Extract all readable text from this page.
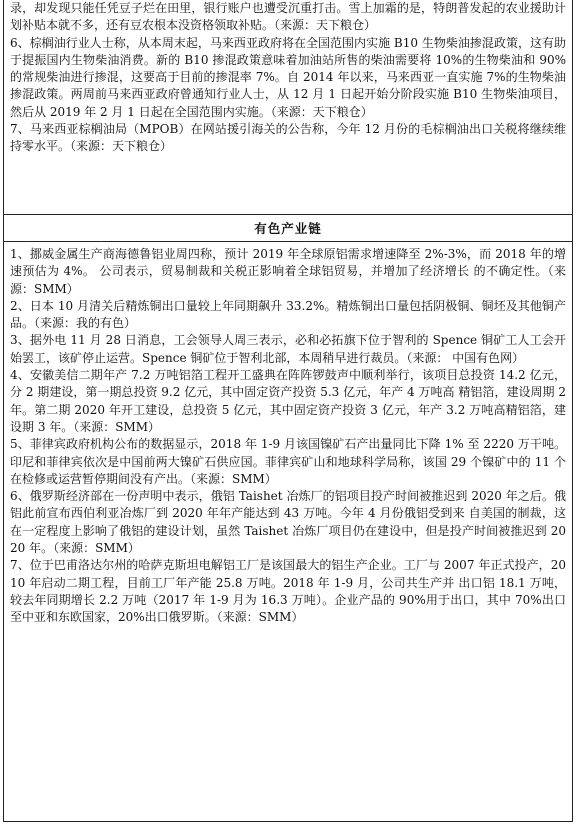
录，却发现只能任凭豆子烂在田里，银行账户也遭受沉重打击。雪上加霜的是，特朗普发起的农业援助计划补贴本就不多，还有豆农根本没资格领取补贴。（来源：天下粮仓）

6、棕榈油行业人士称，从本周末起，马来西亚政府将在全国范围内实施 B10 生物柴油掺混政策，这有助于提振国内生物柴油消费。新的 B10 掺混政策意味着加油站所售的柴油需要将 10%的生物柴油和 90%的常规柴油进行掺混，这要高于目前的掺混率 7%。自 2014 年以来，马来西亚一直实施 7%的生物柴油掺混政策。两周前马来西亚政府曾通知行业人士，从 12 月 1 日起开始分阶段实施 B10 生物柴油项目，然后从 2019 年 2 月 1 日起在全国范围内实施。（来源：天下粮仓）

7、马来西亚棕榈油局（MPOB）在网站援引海关的公告称，今年 12 月份的毛棕榈油出口关税将继续维持零水平。（来源：天下粮仓）

有色产业链

1、挪威金属生产商海德鲁铝业周四称，预计 2019 年全球原铝需求增速降至 2%-3%，而 2018 年的增速预估为 4%。 公司表示，贸易制裁和关税正影响着全球铝贸易，并增加了经济增长 的不确定性。（来源：SMM）

2、日本 10 月清关后精炼铜出口量较上年同期飙升 33.2%。精炼铜出口量包括阴极铜、铜坯及其他铜产品。（来源：我的有色）

3、据外电 11 月 28 日消息，工会领导人周三表示，必和必拓旗下位于智利的 Spence 铜矿工人工会开始罢工，该矿停止运营。Spence 铜矿位于智利北部，本周稍早进行裁员。（来源： 中国有色网）

4、安徽美信二期年产 7.2 万吨铝箔工程开工盛典在阵阵锣鼓声中顺利举行，该项目总投资 14.2 亿元，分 2 期建设，第一期总投资 9.2 亿元，其中固定资产投资 5.3 亿元，年产 4 万吨高 精铝箔，建设周期 2 年。第二期 2020 年开工建设，总投资 5 亿元，其中固定资产投资 3 亿元，年产 3.2 万吨高精铝箔，建设期 3 年。（来源：SMM）

5、菲律宾政府机构公布的数据显示，2018 年 1-9 月该国镍矿石产出量同比下降 1% 至 2220 万干吨。印尼和菲律宾依次是中国前两大镍矿石供应国。菲律宾矿山和地球科学局称，该国 29 个镍矿中的 11 个在检修或运营暂停期间没有产出。（来源：SMM）

6、俄罗斯经济部在一份声明中表示，俄铝 Taishet 冶炼厂的铝项目投产时间被推迟到 2020 年之后。俄铝此前宣布西伯利亚冶炼厂到 2020 年年产能达到 43 万吨。今年 4 月份俄铝受到来 自美国的制裁，这在一定程度上影响了俄铝的建设计划，虽然 Taishet 冶炼厂项目仍在建设中，但是投产时间被推迟到 2020 年。（来源：SMM）

7、位于巴甫洛达尔州的哈萨克斯坦电解铝工厂是该国最大的铝生产企业。工厂与 2007 年正式投产，2010 年启动二期工程，目前工厂年产能 25.8 万吨。2018 年 1-9 月，公司共生产并 出口铝 18.1 万吨，较去年同期增长 2.2 万吨（2017 年 1-9 月为 16.3 万吨）。企业产品的 90%用于出口，其中 70%出口至中亚和东欧国家，20%出口俄罗斯。（来源：SMM）
